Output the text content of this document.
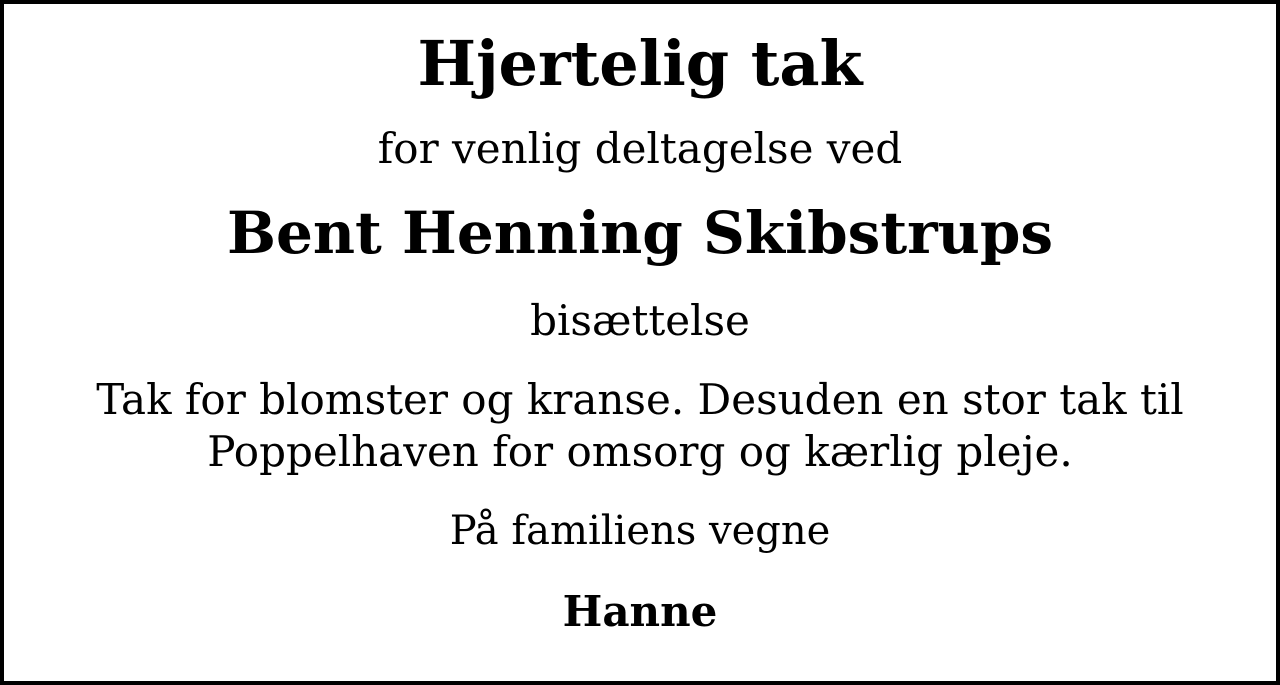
Hjertelig tak
for venlig deltagelse ved
Bent Henning Skibstrups
bisættelse
Tak for blomster og kranse. Desuden en stor tak til
Poppelhaven for omsorg og kærlig pleje.
På familiens vegne
Hanne
